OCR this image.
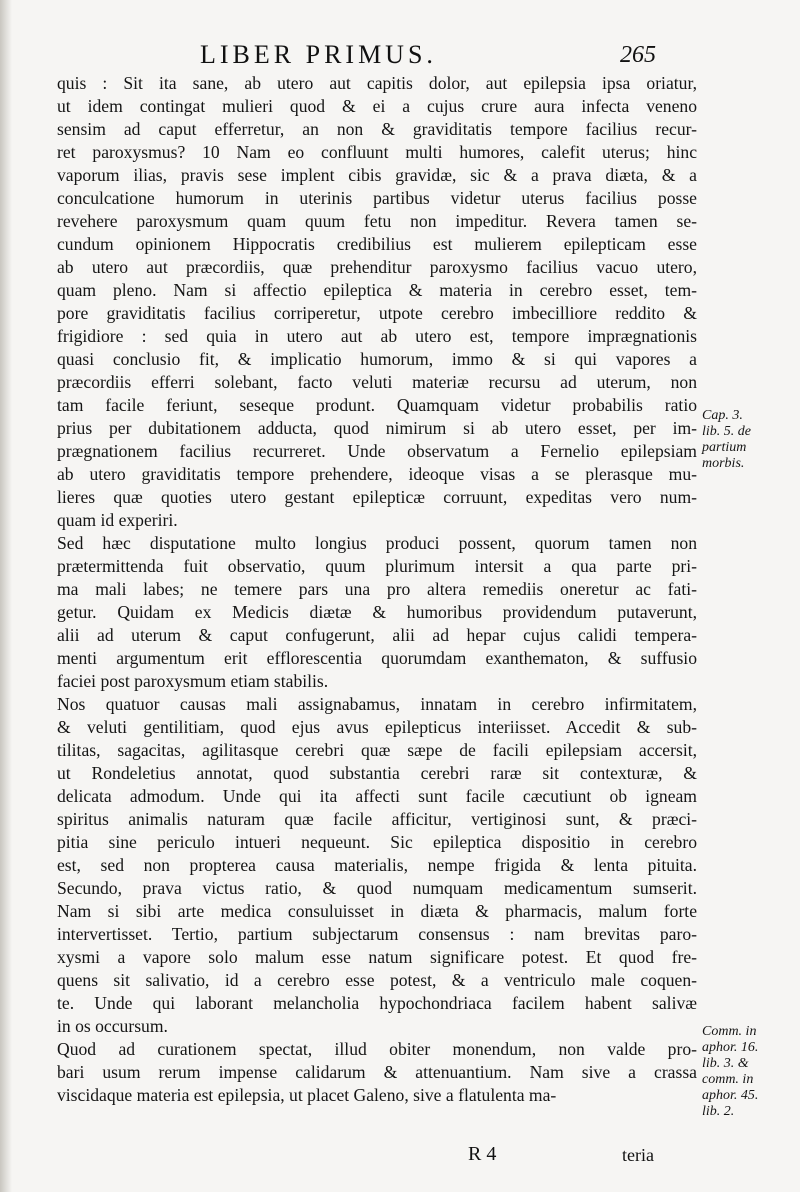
LIBER PRIMUS.	265

quis : Sit ita sane, ab utero aut capitis dolor, aut epilepsia ipsa oriatur,
ut idem contingat mulieri quod & ei a cujus crure aura infecta veneno
sensim ad caput efferretur, an non & graviditatis tempore facilius recur-
ret paroxysmus? 10 Nam eo confluunt multi humores, calefit uterus; hinc
vaporum ilias, pravis sese implent cibis gravidæ, sic & a prava diæta, & a
conculcatione humorum in uterinis partibus videtur uterus facilius posse
revehere paroxysmum quam quum fetu non impeditur. Revera tamen se-
cundum opinionem Hippocratis credibilius est mulierem epilepticam esse
ab utero aut præcordiis, quæ prehenditur paroxysmo facilius vacuo utero,
quam pleno. Nam si affectio epileptica & materia in cerebro esset, tem-
pore graviditatis facilius corriperetur, utpote cerebro imbecilliore reddito &
frigidiore : sed quia in utero aut ab utero est, tempore imprægnationis
quasi conclusio fit, & implicatio humorum, immo & si qui vapores a
præcordiis efferri solebant, facto veluti materiæ recursu ad uterum, non
tam facile feriunt, seseque produnt. Quamquam videtur probabilis ratio
prius per dubitationem adducta, quod nimirum si ab utero esset, per im-
prægnationem facilius recurreret. Unde observatum a Fernelio epilepsiam
ab utero graviditatis tempore prehendere, ideoque visas a se plerasque mu-
lieres quæ quoties utero gestant epilepticæ corruunt, expeditas vero num-
quam id experiri.

Sed hæc disputatione multo longius produci possent, quorum tamen non
prætermittenda fuit observatio, quum plurimum intersit a qua parte pri-
ma mali labes; ne temere pars una pro altera remediis oneretur ac fati-
getur. Quidam ex Medicis diætæ & humoribus providendum putaverunt,
alii ad uterum & caput confugerunt, alii ad hepar cujus calidi tempera-
menti argumentum erit efflorescentia quorumdam exanthematon, & suffusio
faciei post paroxysmum etiam stabilis.

Nos quatuor causas mali assignabamus, innatam in cerebro infirmitatem,
& veluti gentilitiam, quod ejus avus epilepticus interiisset. Accedit & sub-
tilitas, sagacitas, agilitasque cerebri quæ sæpe de facili epilepsiam accersit,
ut Rondeletius annotat, quod substantia cerebri raræ sit contexturæ, &
delicata admodum. Unde qui ita affecti sunt facile cæcutiunt ob igneam
spiritus animalis naturam quæ facile afficitur, vertiginosi sunt, & præci-
pitia sine periculo intueri nequeunt. Sic epileptica dispositio in cerebro
est, sed non propterea causa materialis, nempe frigida & lenta pituita.
Secundo, prava victus ratio, & quod numquam medicamentum sumserit.
Nam si sibi arte medica consuluisset in diæta & pharmacis, malum forte
intervertisset. Tertio, partium subjectarum consensus : nam brevitas paro-
xysmi a vapore solo malum esse natum significare potest. Et quod fre-
quens sit salivatio, id a cerebro esse potest, & a ventriculo male coquen-
te. Unde qui laborant melancholia hypochondriaca facilem habent salivæ
in os occursum.

Quod ad curationem spectat, illud obiter monendum, non valde pro-
bari usum rerum impense calidarum & attenuantium. Nam sive a crassa
viscidaque materia est epilepsia, ut placet Galeno, sive a flatulenta ma-

Cap. 3.
lib. 5. de
partium
morbis.
Comm. in
aphor. 16.
lib. 3. &
comm. in
aphor. 45.
lib. 2.
R 4	teria
